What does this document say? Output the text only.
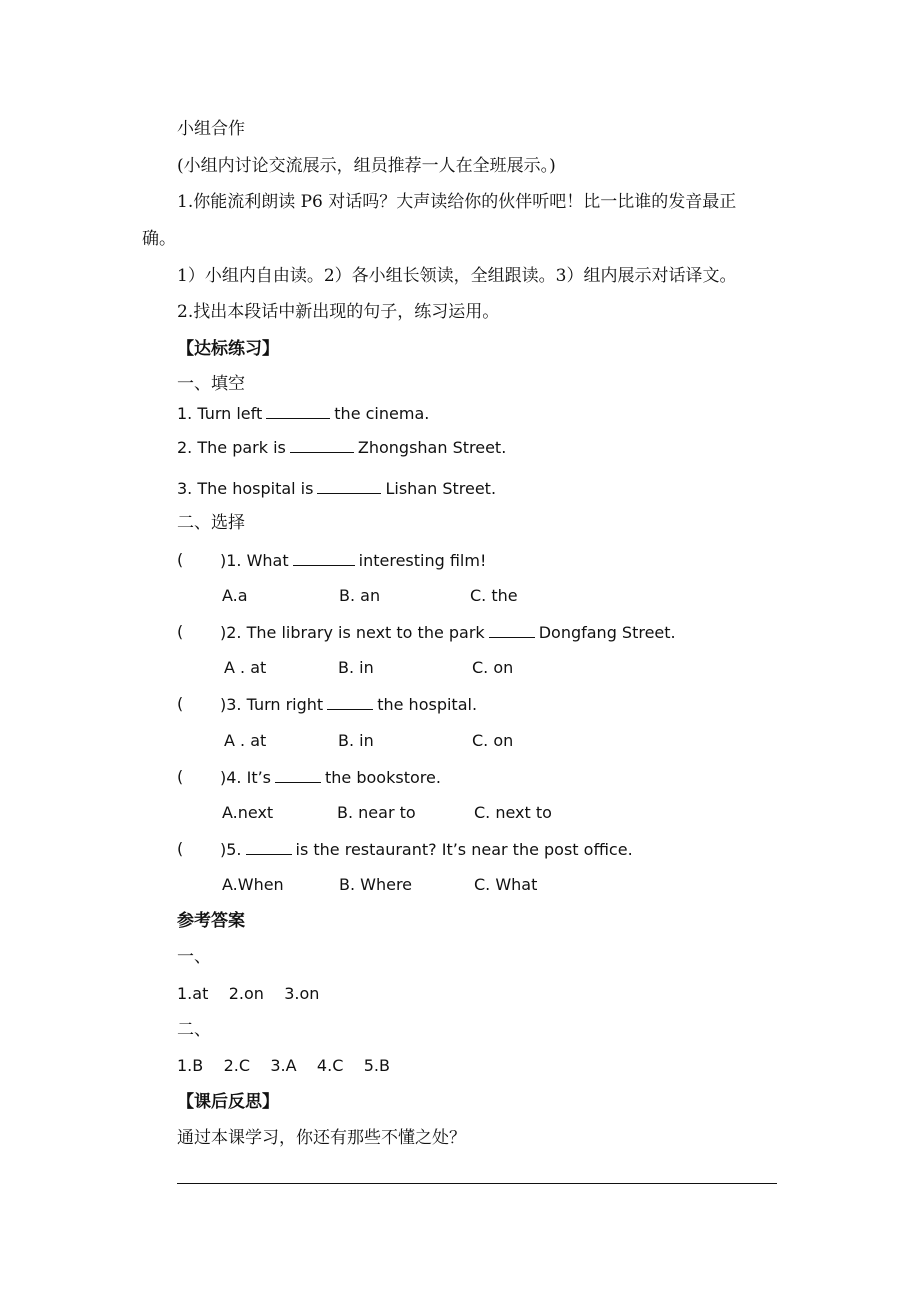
小组合作
(小组内讨论交流展示，组员推荐一人在全班展示。)
1.你能流利朗读 P6 对话吗？大声读给你的伙伴听吧！比一比谁的发音最正
确。
1）小组内自由读。2）各小组长领读，全组跟读。3）组内展示对话译文。
2.找出本段话中新出现的句子，练习运用。
【达标练习】
一、填空
1. Turn left	the cinema.
2. The park is	Zhongshan Street.
3. The hospital is	Lishan Street.
二、选择
( )1. What	interesting film!
A.a	B. an	C. the
( )2. The library is next to the park	Dongfang Street.
A . at	B. in	C. on
( )3. Turn right	the hospital.
A . at	B. in	C. on
( )4. It’s	the bookstore.
A.next	B. near to	C. next to
( )5.	is the restaurant? It’s near the post office.
A.When	B. Where	C. What
参考答案
一、
1.at    2.on    3.on
二、
1.B    2.C    3.A    4.C    5.B
【课后反思】
通过本课学习，你还有那些不懂之处？
